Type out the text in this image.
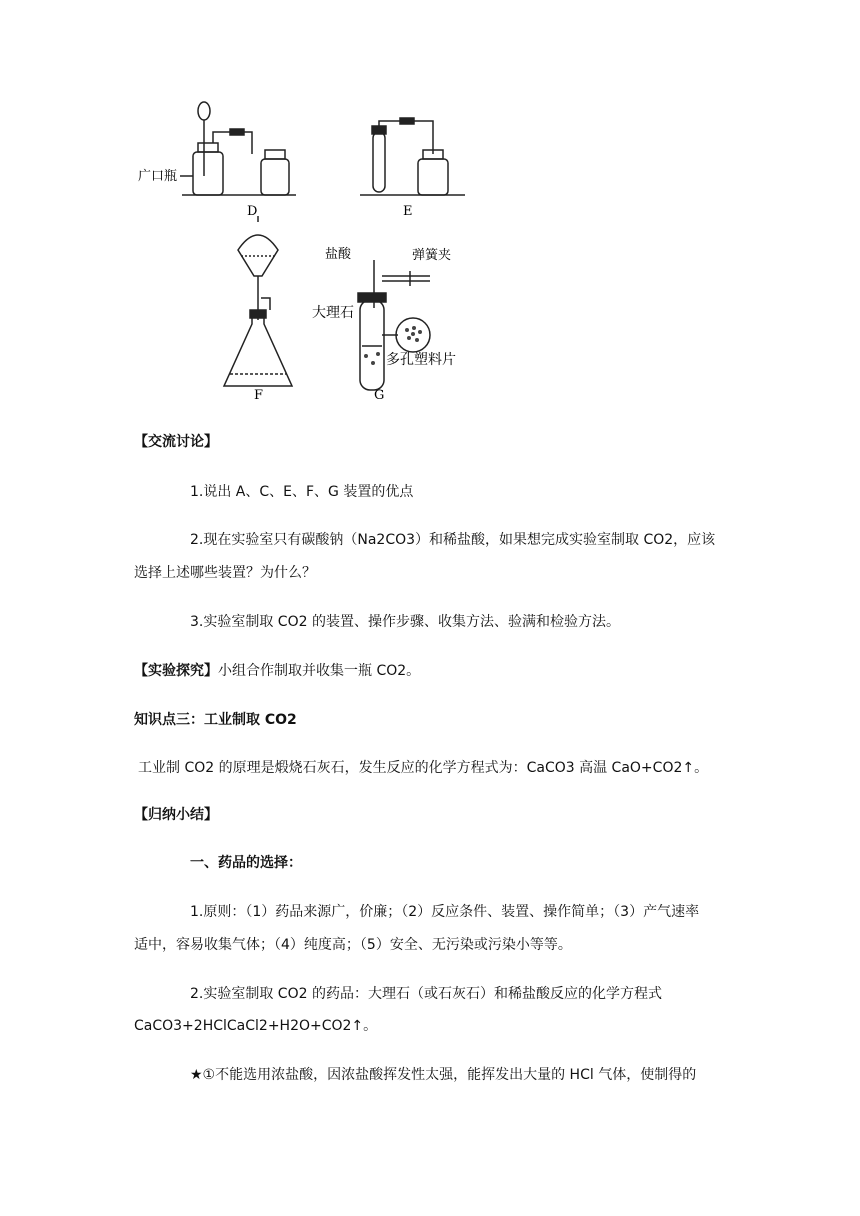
D	E
F	G
广口瓶
盐酸	弹簧夹
大理石
多孔塑料片
【交流讨论】
1.说出 A、C、E、F、G 装置的优点
2.现在实验室只有碳酸钠（Na2CO3）和稀盐酸，如果想完成实验室制取 CO2，应该
选择上述哪些装置？为什么？
3.实验室制取 CO2 的装置、操作步骤、收集方法、验满和检验方法。
【实验探究】小组合作制取并收集一瓶 CO2。
知识点三：工业制取 CO2
工业制 CO2 的原理是煅烧石灰石，发生反应的化学方程式为：CaCO3 高温 CaO+CO2↑。
【归纳小结】
一、药品的选择：
1.原则：（1）药品来源广，价廉；（2）反应条件、装置、操作简单；（3）产气速率
适中，容易收集气体；（4）纯度高；（5）安全、无污染或污染小等等。
2.实验室制取 CO2 的药品：大理石（或石灰石）和稀盐酸反应的化学方程式
CaCO3+2HClCaCl2+H2O+CO2↑。
★①不能选用浓盐酸，因浓盐酸挥发性太强，能挥发出大量的 HCl 气体，使制得的
